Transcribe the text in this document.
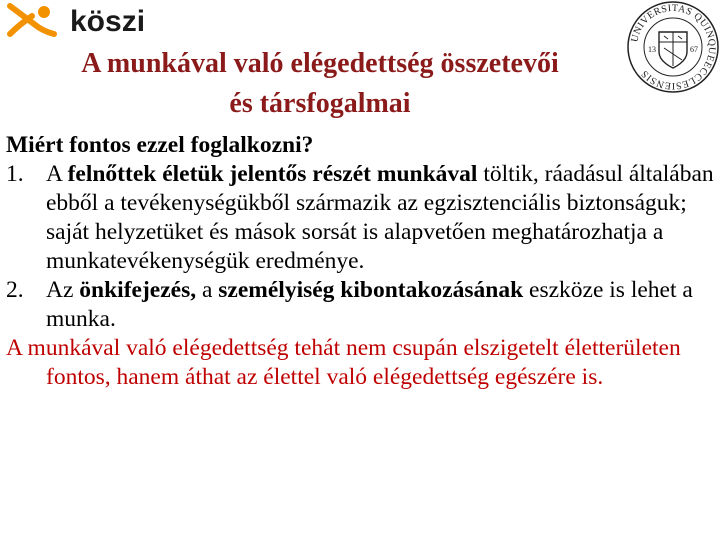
köszi
UNIVERSITAS QUINQUEECCLESIENSIS
13	67
A munkával való elégedettség összetevői
és társfogalmai

Miért fontos ezzel foglalkozni?

1. A felnőttek életük jelentős részét munkával töltik, ráadásul általában ebből a tevékenységükből származik az egzisztenciális biztonságuk; saját helyzetüket és mások sorsát is alapvetően meghatározhatja a munkatevékenységük eredménye.
2. Az önkifejezés, a személyiség kibontakozásának eszköze is lehet a munka.

A munkával való elégedettség tehát nem csupán elszigetelt életterületen fontos, hanem áthat az élettel való elégedettség egészére is.
